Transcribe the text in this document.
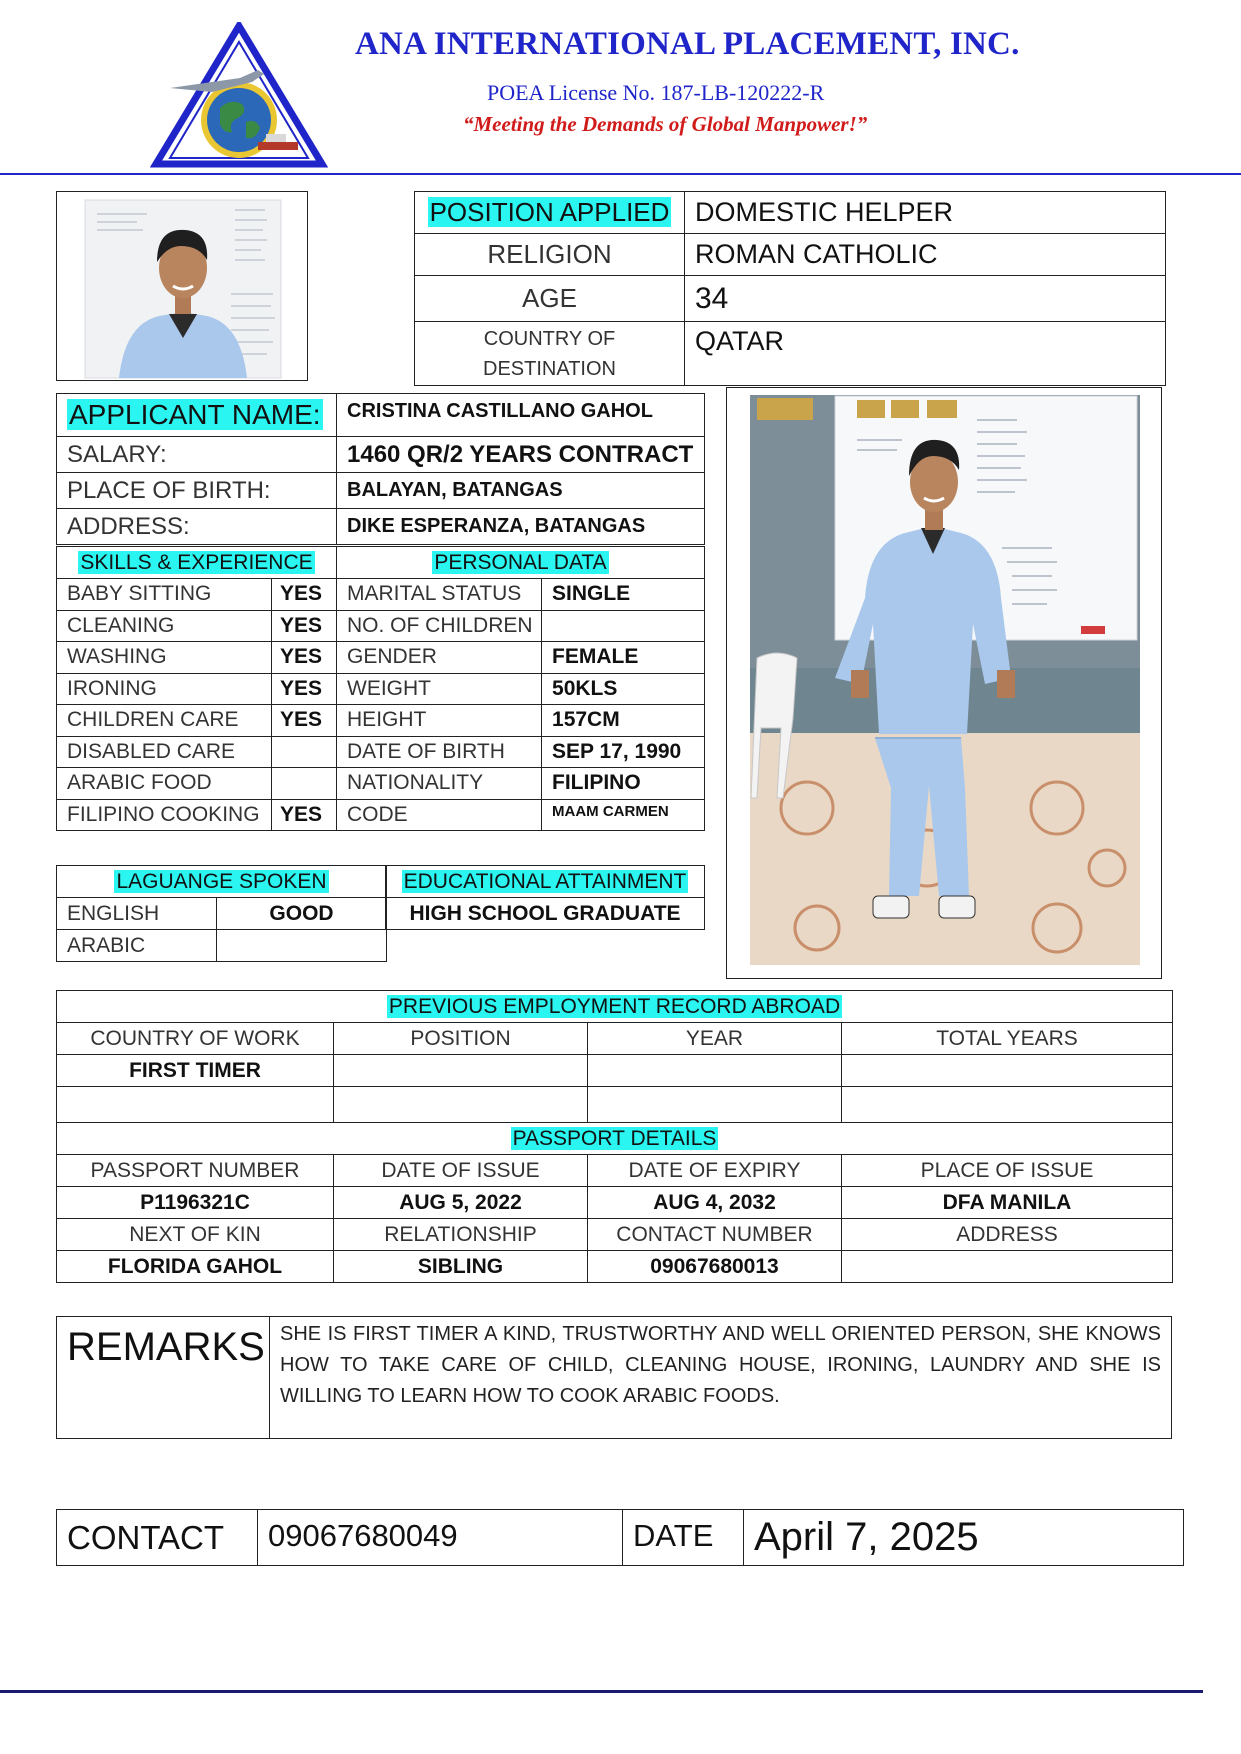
ANA INTERNATIONAL PLACEMENT, INC.
POEA License No. 187-LB-120222-R
“Meeting the Demands of Global Manpower!”
POSITION APPLIED	DOMESTIC HELPER
RELIGION	ROMAN CATHOLIC
AGE	34

COUNTRY OF
DESTINATION	QATAR
APPLICANT NAME:	CRISTINA CASTILLANO GAHOL
SALARY:	1460 QR/2 YEARS CONTRACT
PLACE OF BIRTH:	BALAYAN, BATANGAS
ADDRESS:	DIKE ESPERANZA, BATANGAS
SKILLS & EXPERIENCE		PERSONAL DATA	
BABY SITTING	YES	MARITAL STATUS	SINGLE
CLEANING	YES	NO. OF CHILDREN	
WASHING	YES	GENDER	FEMALE
IRONING	YES	WEIGHT	50KLS
CHILDREN CARE	YES	HEIGHT	157CM
DISABLED CARE		DATE OF BIRTH	SEP 17, 1990
ARABIC FOOD		NATIONALITY	FILIPINO
FILIPINO COOKING	YES	CODE	MAAM CARMEN
LAGUANGE SPOKEN	
ENGLISH	GOOD
ARABIC	
EDUCATIONAL ATTAINMENT
HIGH SCHOOL GRADUATE
PREVIOUS EMPLOYMENT RECORD ABROAD			
COUNTRY OF WORK	POSITION	YEAR	TOTAL YEARS
FIRST TIMER			

PASSPORT DETAILS			
PASSPORT NUMBER	DATE OF ISSUE	DATE OF EXPIRY	PLACE OF ISSUE
P1196321C	AUG 5, 2022	AUG 4, 2032	DFA MANILA
NEXT OF KIN	RELATIONSHIP	CONTACT NUMBER	ADDRESS
FLORIDA GAHOL	SIBLING	09067680013	
REMARKS	SHE IS FIRST TIMER A KIND, TRUSTWORTHY AND WELL ORIENTED PERSON, SHE KNOWS HOW TO TAKE CARE OF CHILD, CLEANING HOUSE, IRONING, LAUNDRY AND SHE IS WILLING TO LEARN HOW TO COOK ARABIC FOODS.
CONTACT	09067680049	DATE	April 7, 2025
